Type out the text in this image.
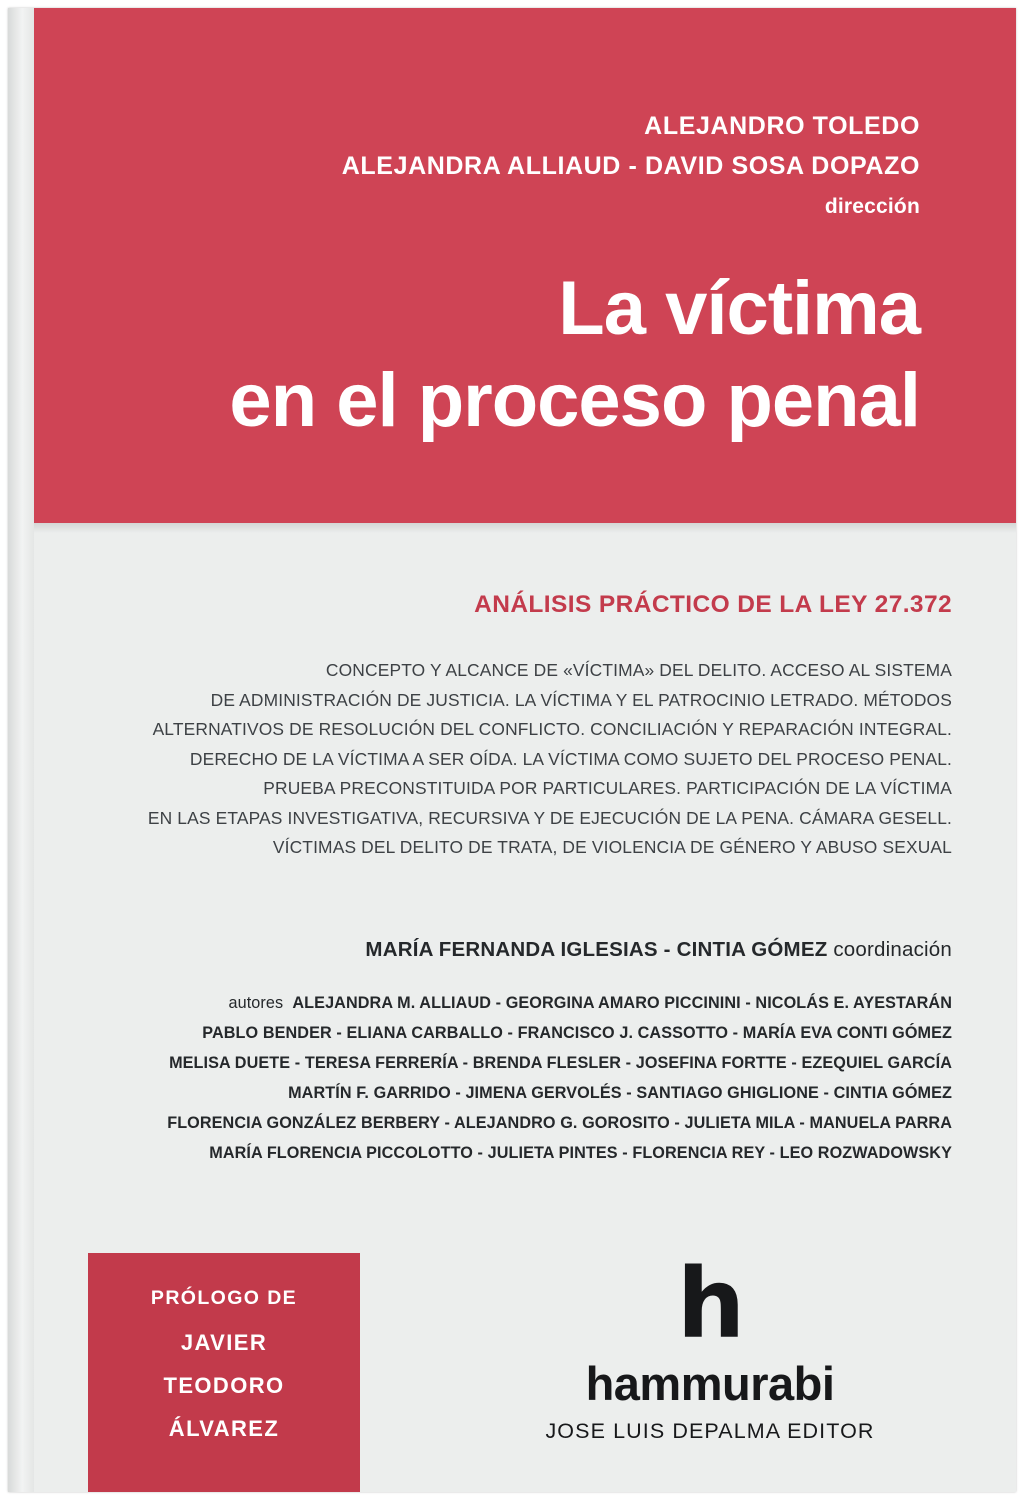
ALEJANDRO TOLEDO
ALEJANDRA ALLIAUD - DAVID SOSA DOPAZO
dirección
La víctima
en el proceso penal
ANÁLISIS PRÁCTICO DE LA LEY 27.372
CONCEPTO Y ALCANCE DE «VÍCTIMA» DEL DELITO. ACCESO AL SISTEMA
DE ADMINISTRACIÓN DE JUSTICIA. LA VÍCTIMA Y EL PATROCINIO LETRADO. MÉTODOS
ALTERNATIVOS DE RESOLUCIÓN DEL CONFLICTO. CONCILIACIÓN Y REPARACIÓN INTEGRAL.
DERECHO DE LA VÍCTIMA A SER OÍDA. LA VÍCTIMA COMO SUJETO DEL PROCESO PENAL.
PRUEBA PRECONSTITUIDA POR PARTICULARES. PARTICIPACIÓN DE LA VÍCTIMA
EN LAS ETAPAS INVESTIGATIVA, RECURSIVA Y DE EJECUCIÓN DE LA PENA. CÁMARA GESELL.
VÍCTIMAS DEL DELITO DE TRATA, DE VIOLENCIA DE GÉNERO Y ABUSO SEXUAL
MARÍA FERNANDA IGLESIAS - CINTIA GÓMEZ coordinación
autores ALEJANDRA M. ALLIAUD - GEORGINA AMARO PICCININI - NICOLÁS E. AYESTARÁN
PABLO BENDER - ELIANA CARBALLO - FRANCISCO J. CASSOTTO - MARÍA EVA CONTI GÓMEZ
MELISA DUETE - TERESA FERRERÍA - BRENDA FLESLER - JOSEFINA FORTTE - EZEQUIEL GARCÍA
MARTÍN F. GARRIDO - JIMENA GERVOLÉS - SANTIAGO GHIGLIONE - CINTIA GÓMEZ
FLORENCIA GONZÁLEZ BERBERY - ALEJANDRO G. GOROSITO - JULIETA MILA - MANUELA PARRA
MARÍA FLORENCIA PICCOLOTTO - JULIETA PINTES - FLORENCIA REY - LEO ROZWADOWSKY
PRÓLOGO DE
JAVIER
TEODORO
ÁLVAREZ
h
hammurabi
JOSE LUIS DEPALMA EDITOR
